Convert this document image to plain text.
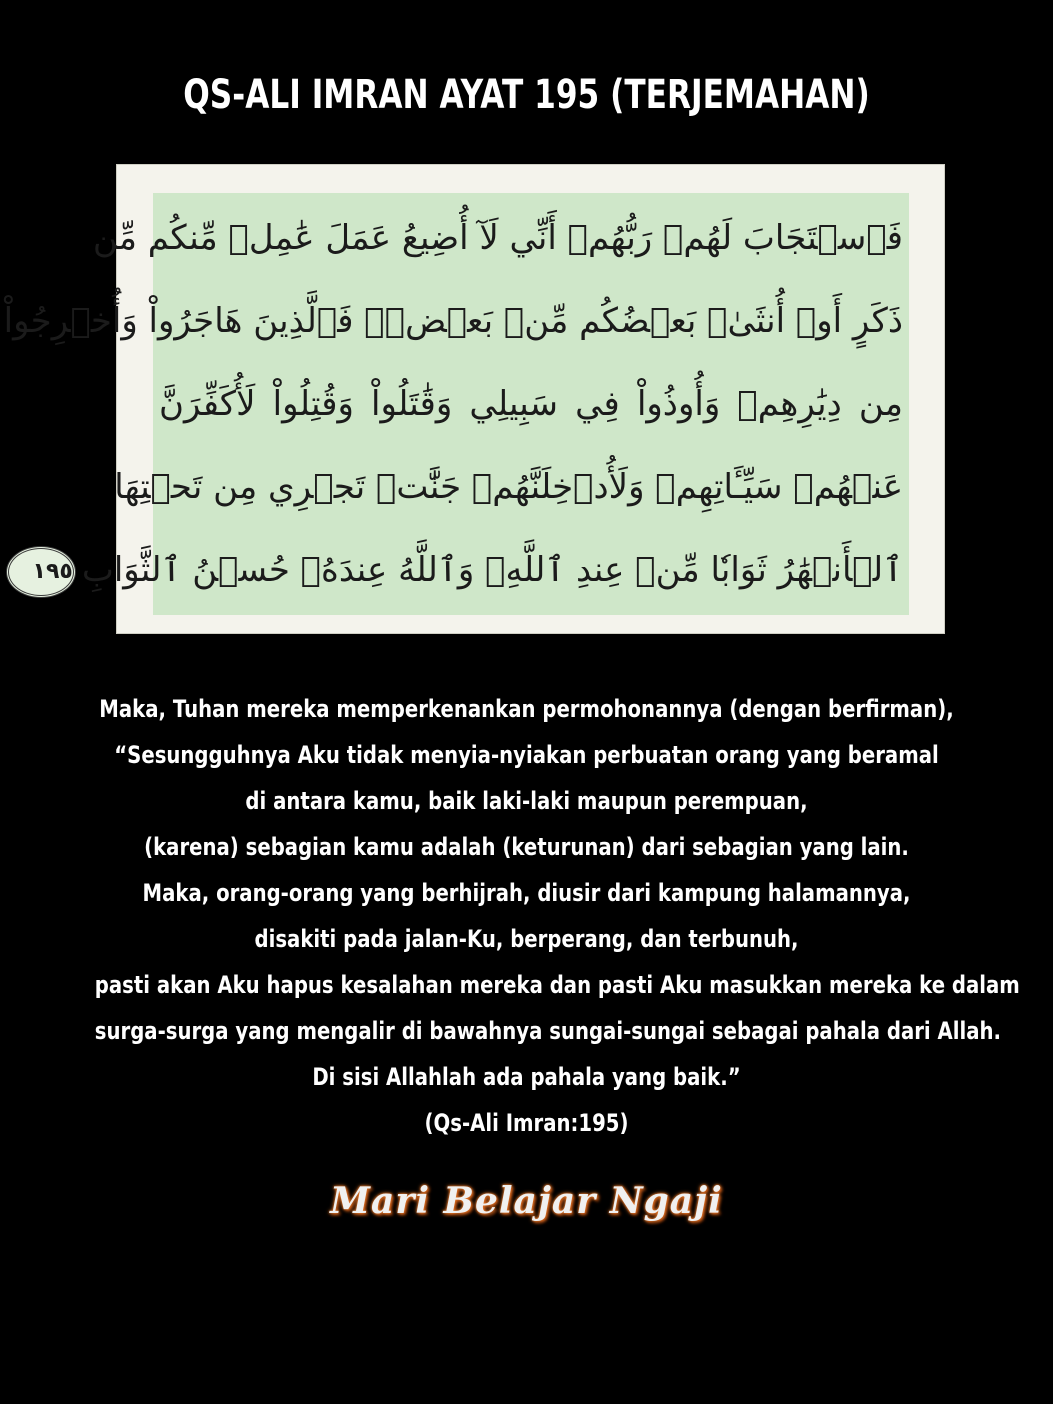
QS-ALI IMRAN AYAT 195 (TERJEMAHAN)
فَٱسۡتَجَابَ لَهُمۡ رَبُّهُمۡ أَنِّي لَآ أُضِيعُ عَمَلَ عَٰمِلٖ مِّنكُم مِّن
ذَكَرٍ أَوۡ أُنثَىٰۖ بَعۡضُكُم مِّنۢ بَعۡضٖۖ فَٱلَّذِينَ هَاجَرُواْ وَأُخۡرِجُواْ
مِن دِيَٰرِهِمۡ وَأُوذُواْ فِي سَبِيلِي وَقَٰتَلُواْ وَقُتِلُواْ لَأُكَفِّرَنَّ
عَنۡهُمۡ سَيِّـَٔاتِهِمۡ وَلَأُدۡخِلَنَّهُمۡ جَنَّٰتٖ تَجۡرِي مِن تَحۡتِهَا
ٱلۡأَنۡهَٰرُ ثَوَابٗا مِّنۡ عِندِ ٱللَّهِۚ وَٱللَّهُ عِندَهُۥ حُسۡنُ ٱلثَّوَابِ١٩٥
Maka, Tuhan mereka memperkenankan permohonannya (dengan berfirman),
“Sesungguhnya Aku tidak menyia-nyiakan perbuatan orang yang beramal
di antara kamu, baik laki-laki maupun perempuan,
(karena) sebagian kamu adalah (keturunan) dari sebagian yang lain.
Maka, orang-orang yang berhijrah, diusir dari kampung halamannya,
disakiti pada jalan-Ku, berperang, dan terbunuh,
pasti akan Aku hapus kesalahan mereka dan pasti Aku masukkan mereka ke dalam
surga-surga yang mengalir di bawahnya sungai-sungai sebagai pahala dari Allah.
Di sisi Allahlah ada pahala yang baik.”
(Qs-Ali Imran:195)
Mari Belajar Ngaji
